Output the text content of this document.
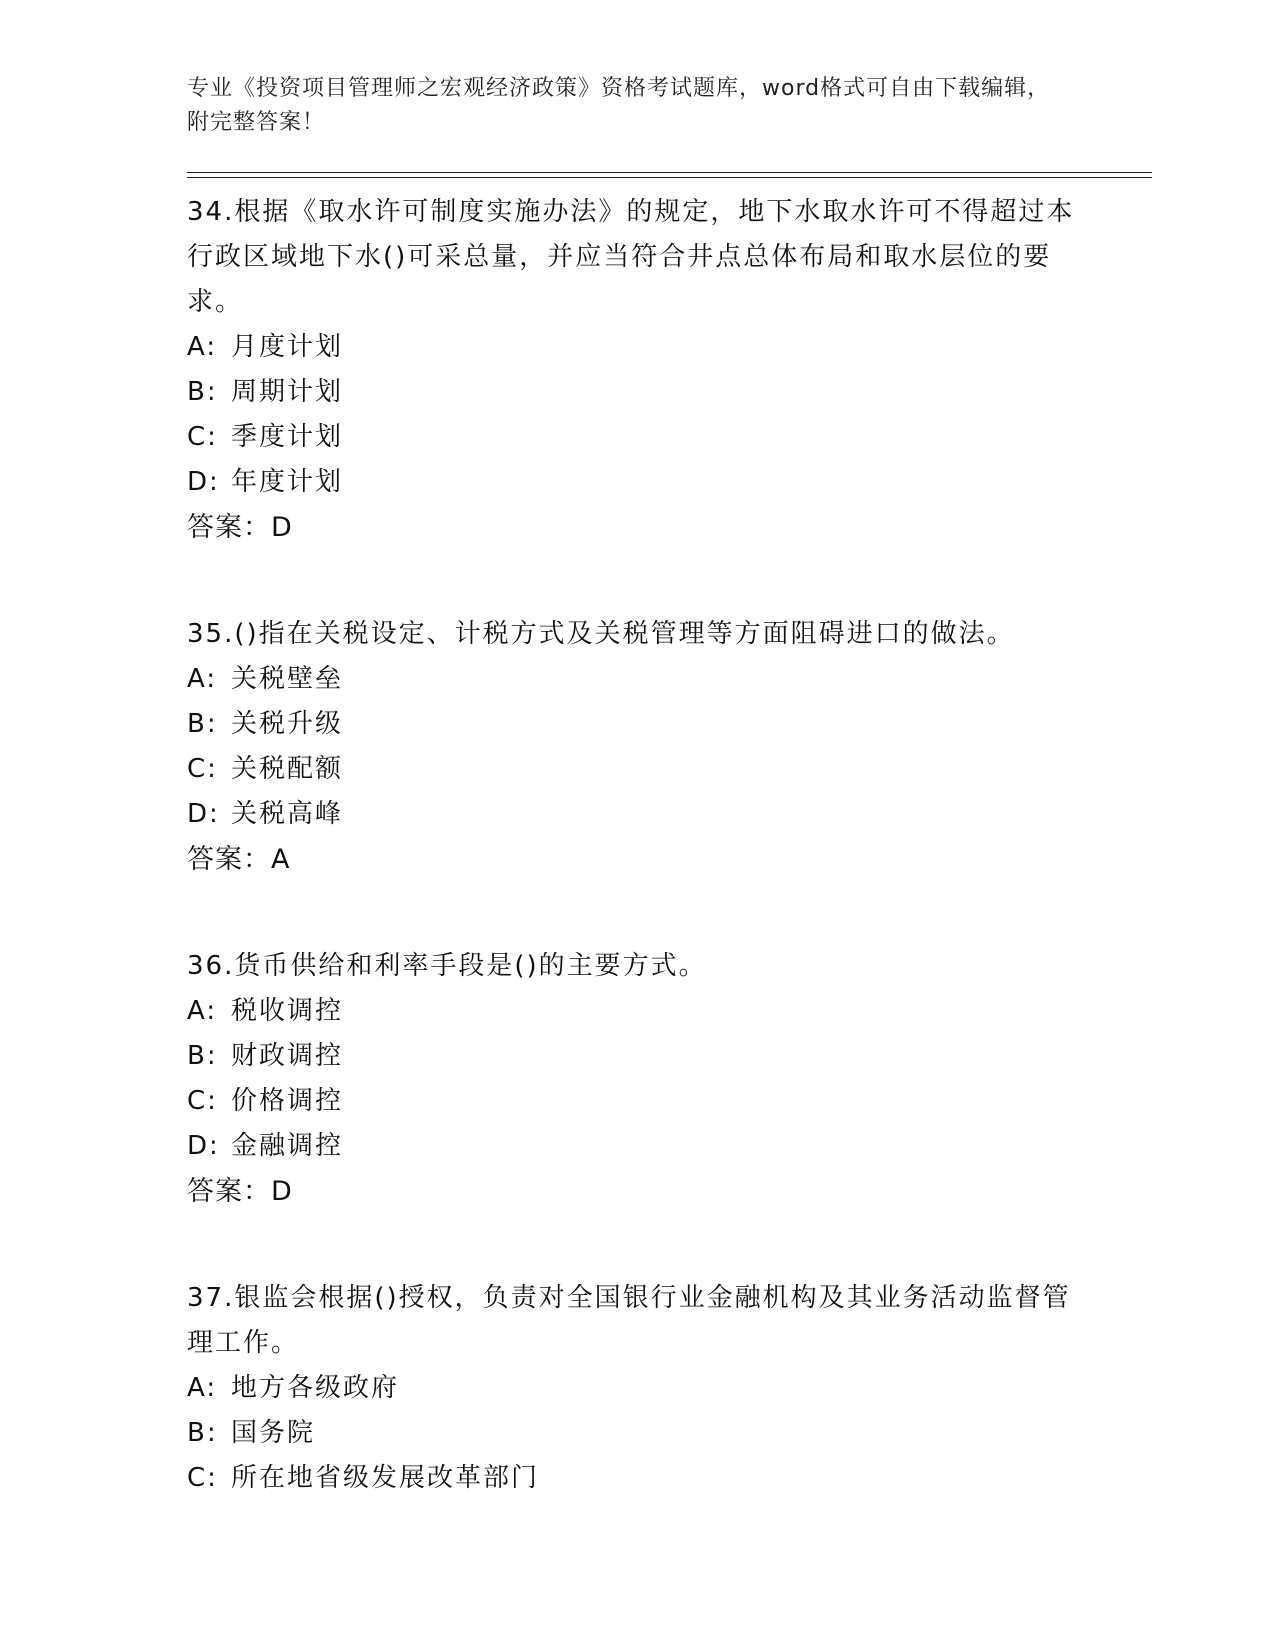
专业《投资项目管理师之宏观经济政策》资格考试题库，word格式可自由下载编辑，附完整答案！

34.根据《取水许可制度实施办法》的规定，地下水取水许可不得超过本行政区域地下水()可采总量，并应当符合井点总体布局和取水层位的要求。

A: 月度计划

B: 周期计划

C: 季度计划

D: 年度计划

答案：D

35.()指在关税设定、计税方式及关税管理等方面阻碍进口的做法。

A: 关税壁垒

B: 关税升级

C: 关税配额

D: 关税高峰

答案：A

36.货币供给和利率手段是()的主要方式。

A: 税收调控

B: 财政调控

C: 价格调控

D: 金融调控

答案：D

37.银监会根据()授权，负责对全国银行业金融机构及其业务活动监督管理工作。

A: 地方各级政府

B: 国务院

C: 所在地省级发展改革部门
